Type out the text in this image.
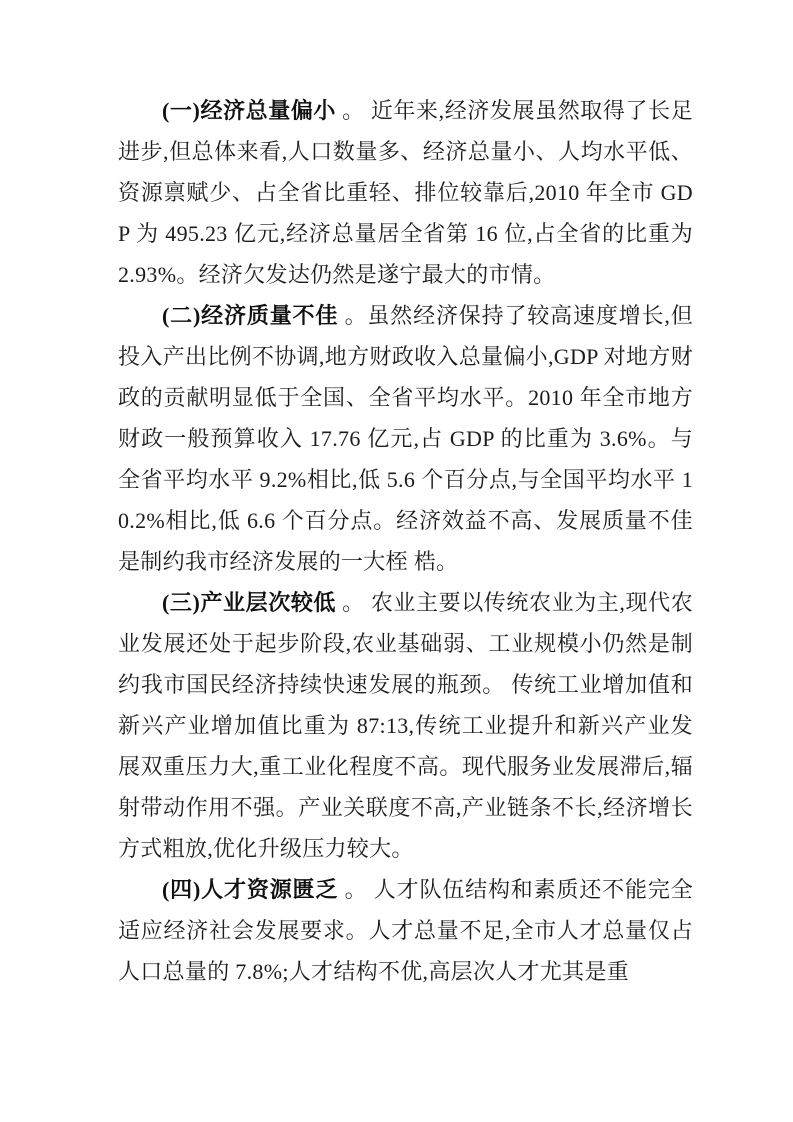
(一)经济总量偏小 。 近年来,经济发展虽然取得了长足进步,但总体来看,人口数量多、经济总量小、人均水平低、资源禀赋少、占全省比重轻、排位较靠后,2010 年全市 GDP 为 495.23 亿元,经济总量居全省第 16 位,占全省的比重为 2.93%。经济欠发达仍然是遂宁最大的市情。

(二)经济质量不佳 。虽然经济保持了较高速度增长,但投入产出比例不协调,地方财政收入总量偏小,GDP 对地方财政的贡献明显低于全国、全省平均水平。2010 年全市地方财政一般预算收入 17.76 亿元,占 GDP 的比重为 3.6%。与全省平均水平 9.2%相比,低 5.6 个百分点,与全国平均水平 10.2%相比,低 6.6 个百分点。经济效益不高、发展质量不佳是制约我市经济发展的一大桎 梏。

(三)产业层次较低 。 农业主要以传统农业为主,现代农业发展还处于起步阶段,农业基础弱、工业规模小仍然是制约我市国民经济持续快速发展的瓶颈。 传统工业增加值和新兴产业增加值比重为 87:13,传统工业提升和新兴产业发展双重压力大,重工业化程度不高。现代服务业发展滞后,辐射带动作用不强。产业关联度不高,产业链条不长,经济增长方式粗放,优化升级压力较大。

(四)人才资源匮乏 。 人才队伍结构和素质还不能完全适应经济社会发展要求。人才总量不足,全市人才总量仅占人口总量的 7.8%;人才结构不优,高层次人才尤其是重
